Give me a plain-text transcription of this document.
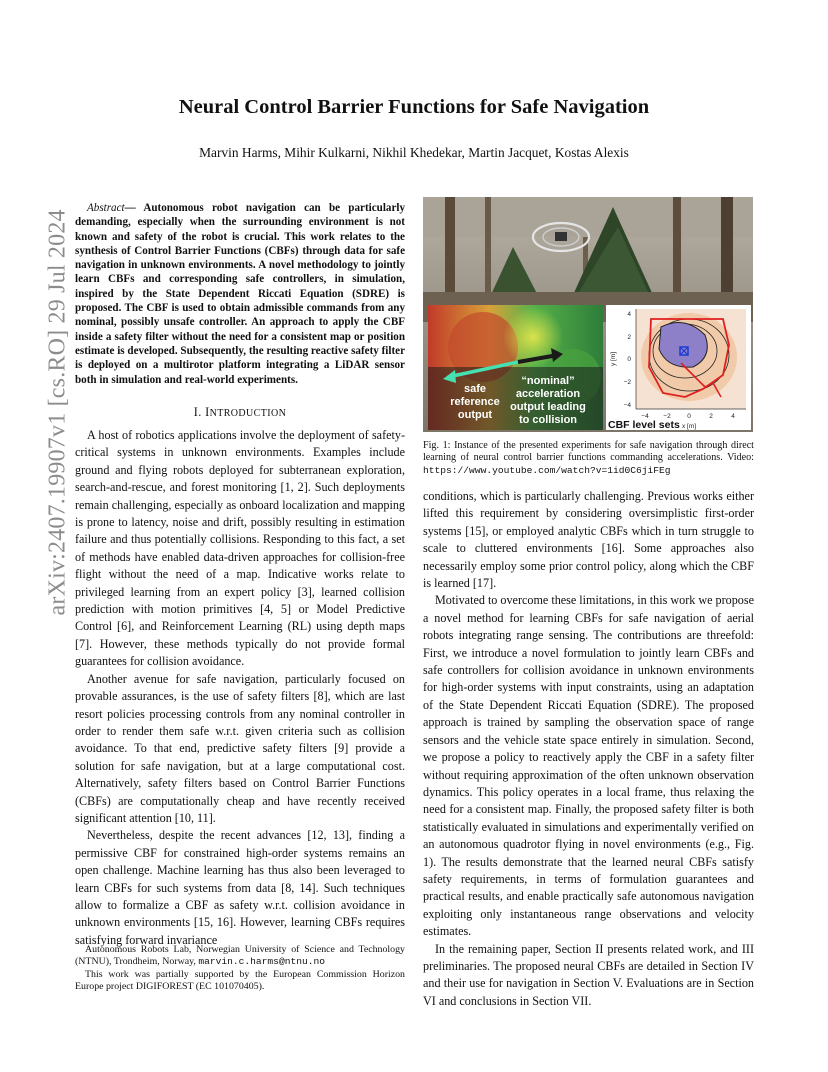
Neural Control Barrier Functions for Safe Navigation
Marvin Harms, Mihir Kulkarni, Nikhil Khedekar, Martin Jacquet, Kostas Alexis
arXiv:2407.19907v1 [cs.RO] 29 Jul 2024
Abstract— Autonomous robot navigation can be particularly demanding, especially when the surrounding environment is not known and safety of the robot is crucial. This work relates to the synthesis of Control Barrier Functions (CBFs) through data for safe navigation in unknown environments. A novel methodology to jointly learn CBFs and corresponding safe controllers, in simulation, inspired by the State Dependent Riccati Equation (SDRE) is proposed. The CBF is used to obtain admissible commands from any nominal, possibly unsafe controller. An approach to apply the CBF inside a safety filter without the need for a consistent map or position estimate is developed. Subsequently, the resulting reactive safety filter is deployed on a multirotor platform integrating a LiDAR sensor both in simulation and real-world experiments.
I. INTRODUCTION

A host of robotics applications involve the deployment of safety-critical systems in unknown environments. Examples include ground and flying robots deployed for subterranean exploration, search-and-rescue, and forest monitoring [1, 2]. Such deployments remain challenging, especially as onboard localization and mapping is prone to latency, noise and drift, possibly resulting in estimation failure and thus potentially collisions. Responding to this fact, a set of methods have enabled data-driven approaches for collision-free flight without the need of a map. Indicative works relate to privileged learning from an expert policy [3], learned collision prediction with motion primitives [4, 5] or Model Predictive Control [6], and Reinforcement Learning (RL) using depth maps [7]. However, these methods typically do not provide formal guarantees for collision avoidance.

Another avenue for safe navigation, particularly focused on provable assurances, is the use of safety filters [8], which are last resort policies processing controls from any nominal controller in order to render them safe w.r.t. given criteria such as collision avoidance. To that end, predictive safety filters [9] provide a solution for safe navigation, but at a large computational cost. Alternatively, safety filters based on Control Barrier Functions (CBFs) are computationally cheap and have recently received significant attention [10, 11].

Nevertheless, despite the recent advances [12, 13], finding a permissive CBF for constrained high-order systems remains an open challenge. Machine learning has thus also been leveraged to learn CBFs for such systems from data [8, 14]. Such techniques allow to formalize a CBF as safety w.r.t. collision avoidance in unknown environments [15, 16]. However, learning CBFs requires satisfying forward invariance

Autonomous Robots Lab, Norwegian University of Science and Technology (NTNU), Trondheim, Norway, marvin.c.harms@ntnu.no

This work was partially supported by the European Commission Horizon Europe project DIGIFOREST (EC 101070405).

safe
reference
output
“nominal”
acceleration
output leading
to collision
4
2
0
−2
−4
−4 −2	0	2	4
x [m]
y [m]
CBF level sets
Fig. 1: Instance of the presented experiments for safe navigation through direct learning of neural control barrier functions commanding accelerations. Video: https://www.youtube.com/watch?v=1id0C6jiFEg

conditions, which is particularly challenging. Previous works either lifted this requirement by considering oversimplistic first-order systems [15], or employed analytic CBFs which in turn struggle to scale to cluttered environments [16]. Some approaches also necessarily employ some prior control policy, along which the CBF is learned [17].

Motivated to overcome these limitations, in this work we propose a novel method for learning CBFs for safe navigation of aerial robots integrating range sensing. The contributions are threefold: First, we introduce a novel formulation to jointly learn CBFs and safe controllers for collision avoidance in unknown environments for high-order systems with input constraints, using an adaptation of the State Dependent Riccati Equation (SDRE). The proposed approach is trained by sampling the observation space of range sensors and the vehicle state space entirely in simulation. Second, we propose a policy to reactively apply the CBF in a safety filter without requiring approximation of the often unknown observation dynamics. This policy operates in a local frame, thus relaxing the need for a consistent map. Finally, the proposed safety filter is both statistically evaluated in simulations and experimentally verified on an autonomous quadrotor flying in novel environments (e.g., Fig. 1). The results demonstrate that the learned neural CBFs satisfy safety requirements, in terms of formulation guarantees and practical results, and enable practically safe autonomous navigation exploiting only instantaneous range observations and velocity estimates.

In the remaining paper, Section II presents related work, and III preliminaries. The proposed neural CBFs are detailed in Section IV and their use for navigation in Section V. Evaluations are in Section VI and conclusions in Section VII.
